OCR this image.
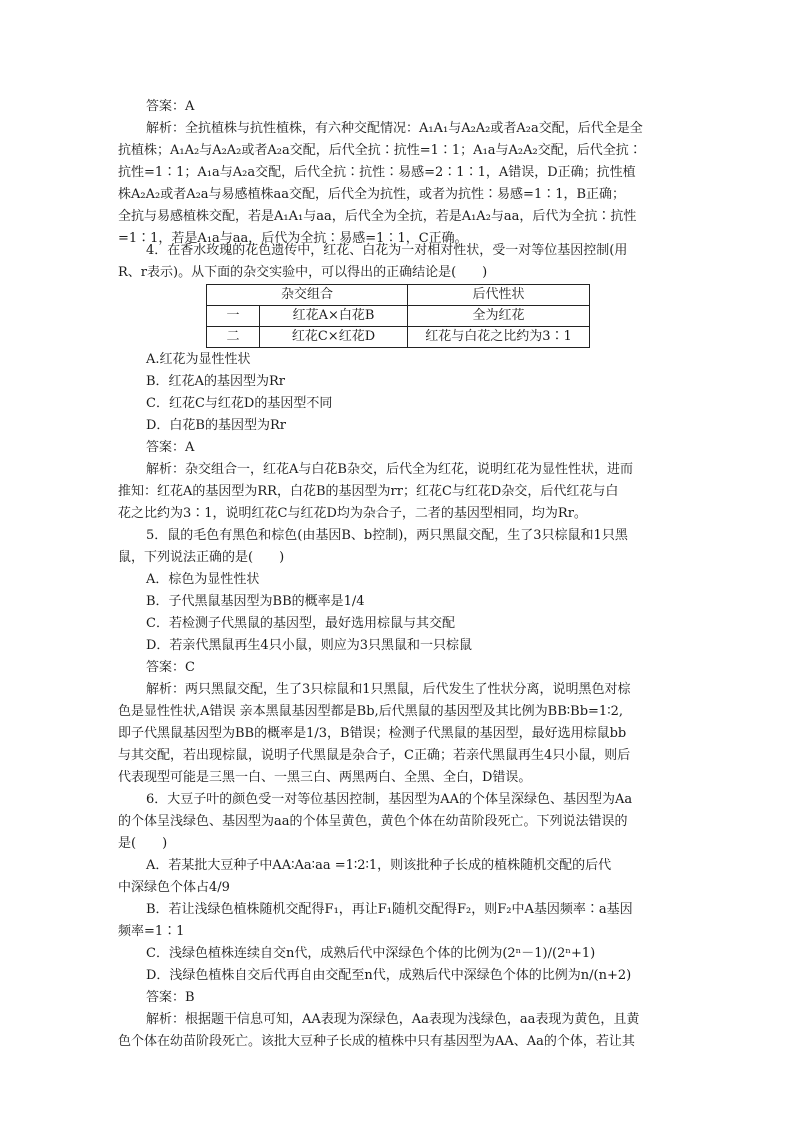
答案：A
解析：全抗植株与抗性植株，有六种交配情况：A₁A₁与A₂A₂或者A₂a交配，后代全是全
抗植株；A₁A₂与A₂A₂或者A₂a交配，后代全抗∶抗性=1∶1；A₁a与A₂A₂交配，后代全抗∶
抗性=1∶1；A₁a与A₂a交配，后代全抗∶抗性∶易感=2∶1∶1，A错误，D正确；抗性植
株A₂A₂或者A₂a与易感植株aa交配，后代全为抗性，或者为抗性∶易感=1∶1，B正确；
全抗与易感植株交配，若是A₁A₁与aa，后代全为全抗，若是A₁A₂与aa，后代为全抗∶抗性
=1∶1，若是A₁a与aa，后代为全抗∶易感=1∶1，C正确。
4．在香水玫瑰的花色遗传中，红花、白花为一对相对性状，受一对等位基因控制(用
R、r表示)。从下面的杂交实验中，可以得出的正确结论是(　　)
杂交组合		后代性状
一	红花A×白花B	全为红花
二	红花C×红花D	红花与白花之比约为3∶1
A.红花为显性性状
B．红花A的基因型为Rr
C．红花C与红花D的基因型不同
D．白花B的基因型为Rr
答案：A
解析：杂交组合一，红花A与白花B杂交，后代全为红花，说明红花为显性性状，进而
推知：红花A的基因型为RR，白花B的基因型为rr；红花C与红花D杂交，后代红花与白
花之比约为3∶1，说明红花C与红花D均为杂合子，二者的基因型相同，均为Rr。
5．鼠的毛色有黑色和棕色(由基因B、b控制)，两只黑鼠交配，生了3只棕鼠和1只黑
鼠，下列说法正确的是(　　)
A．棕色为显性性状
B．子代黑鼠基因型为BB的概率是1/4
C．若检测子代黑鼠的基因型，最好选用棕鼠与其交配
D．若亲代黑鼠再生4只小鼠，则应为3只黑鼠和一只棕鼠
答案：C
解析：两只黑鼠交配，生了3只棕鼠和1只黑鼠，后代发生了性状分离，说明黑色对棕
色是显性性状,A错误 亲本黑鼠基因型都是Bb,后代黑鼠的基因型及其比例为BB∶Bb=1∶2,
即子代黑鼠基因型为BB的概率是1/3，B错误；检测子代黑鼠的基因型，最好选用棕鼠bb
与其交配，若出现棕鼠，说明子代黑鼠是杂合子，C正确；若亲代黑鼠再生4只小鼠，则后
代表现型可能是三黑一白、一黑三白、两黑两白、全黑、全白，D错误。
6．大豆子叶的颜色受一对等位基因控制，基因型为AA的个体呈深绿色、基因型为Aa
的个体呈浅绿色、基因型为aa的个体呈黄色，黄色个体在幼苗阶段死亡。下列说法错误的
是(　　)
A．若某批大豆种子中AA∶Aa∶aa =1∶2∶1，则该批种子长成的植株随机交配的后代
中深绿色个体占4/9
B．若让浅绿色植株随机交配得F₁，再让F₁随机交配得F₂，则F₂中A基因频率∶a基因
频率=1∶1
C．浅绿色植株连续自交n代，成熟后代中深绿色个体的比例为(2ⁿ－1)/(2ⁿ+1)
D．浅绿色植株自交后代再自由交配至n代，成熟后代中深绿色个体的比例为n/(n+2)
答案：B
解析：根据题干信息可知，AA表现为深绿色，Aa表现为浅绿色，aa表现为黄色，且黄
色个体在幼苗阶段死亡。该批大豆种子长成的植株中只有基因型为AA、Aa的个体，若让其
